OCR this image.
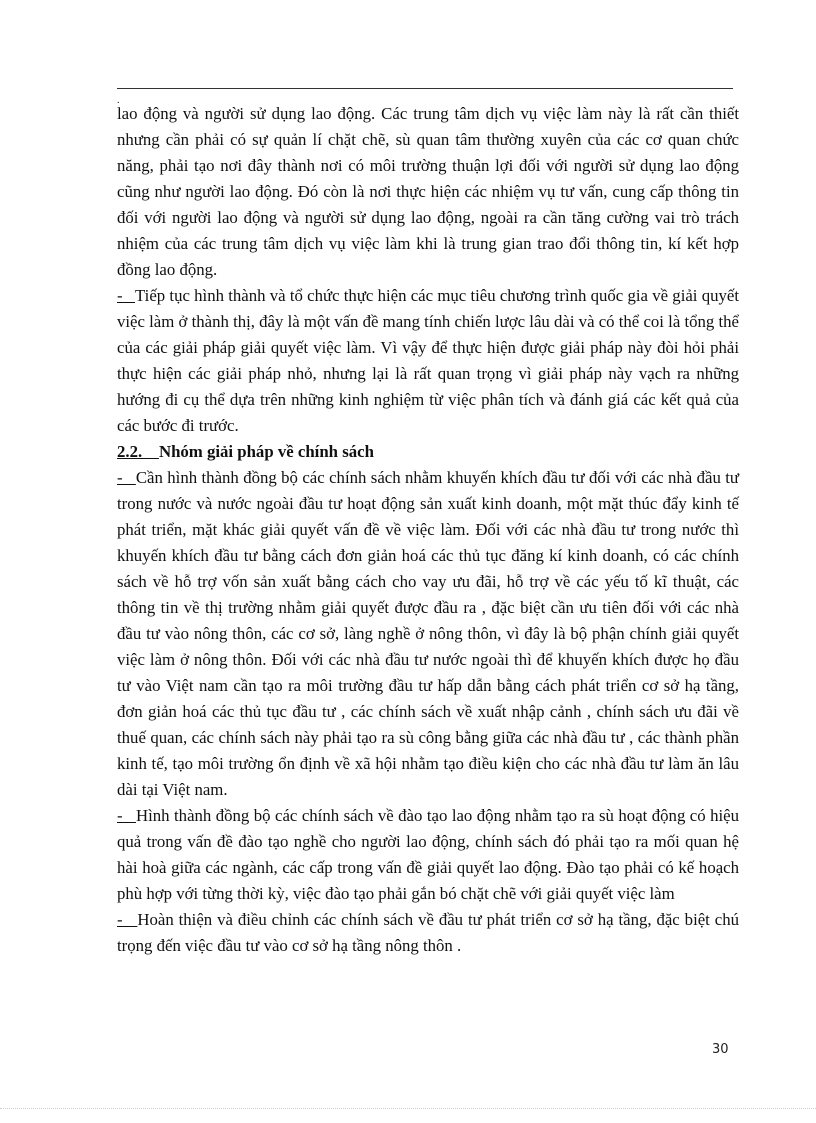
.

lao động và người sử dụng lao động. Các trung tâm dịch vụ việc làm này là rất cần thiết nhưng cần phải có sự quản lí chặt chẽ, sù quan tâm thường xuyên của các cơ quan chức năng, phải tạo nơi đây thành nơi có môi trường thuận lợi đối với người sử dụng lao động cũng như người lao động. Đó còn là nơi thực hiện các nhiệm vụ tư vấn, cung cấp thông tin đối với người lao động và người sử dụng lao động, ngoài ra cần tăng cường vai trò trách nhiệm của các trung tâm dịch vụ việc làm khi là trung gian trao đổi thông tin, kí kết hợp đồng lao động.

-   Tiếp tục hình thành và tổ chức thực hiện các mục tiêu chương trình quốc gia về giải quyết việc làm ở thành thị, đây là một vấn đề mang tính chiến lược lâu dài và có thể coi là tổng thể của các giải pháp giải quyết việc làm. Vì vậy để thực hiện được giải pháp này đòi hỏi phải thực hiện các giải pháp nhỏ, nhưng lại là rất quan trọng vì giải pháp này vạch ra những hướng đi cụ thể dựa trên những kinh nghiệm từ việc phân tích và đánh giá các kết quả của các bước đi trước.

2.2.    Nhóm giải pháp về chính sách

-   Cần hình thành đồng bộ các chính sách nhằm khuyến khích đầu tư đối với các nhà đầu tư trong nước và nước ngoài đầu tư hoạt động sản xuất kinh doanh, một mặt thúc đẩy kinh tế phát triển, mặt khác giải quyết vấn đề về việc làm. Đối với các nhà đầu tư trong nước thì khuyến khích đầu tư bằng cách đơn giản hoá các thủ tục đăng kí kinh doanh, có các chính sách về hỗ trợ vốn sản xuất bằng cách cho vay ưu đãi, hỗ trợ về các yếu tố kĩ thuật, các thông tin về thị trường nhằm giải quyết được đầu ra , đặc biệt cần ưu tiên đối với các nhà đầu tư vào nông thôn, các cơ sở, làng nghề ở nông thôn, vì đây là bộ phận chính giải quyết việc làm ở nông thôn. Đối với các nhà đầu tư nước ngoài thì để khuyến khích được họ đầu tư vào Việt nam cần tạo ra môi trường đầu tư hấp dẫn bằng cách phát triển cơ sở hạ tầng, đơn giản hoá các thủ tục đầu tư , các chính sách về xuất nhập cảnh , chính sách ưu đãi về thuế quan, các chính sách này phải tạo ra sù công bằng giữa các nhà đầu tư , các thành phần kinh tế, tạo môi trường ổn định về xã hội nhằm tạo điều kiện cho các nhà đầu tư làm ăn lâu dài tại Việt nam.

-   Hình thành đồng bộ các chính sách về đào tạo lao động nhằm tạo ra sù hoạt động có hiệu quả trong vấn đề đào tạo nghề cho người lao động, chính sách đó phải tạo ra mối quan hệ hài hoà giữa các ngành, các cấp trong vấn đề giải quyết lao động. Đào tạo phải có kế hoạch phù hợp với từng thời kỳ, việc đào tạo phải gắn bó chặt chẽ với giải quyết việc làm

-   Hoàn thiện và điều chỉnh các chính sách về đầu tư phát triển cơ sở hạ tầng, đặc biệt chú trọng đến việc đầu tư vào cơ sở hạ tầng nông thôn .

30
